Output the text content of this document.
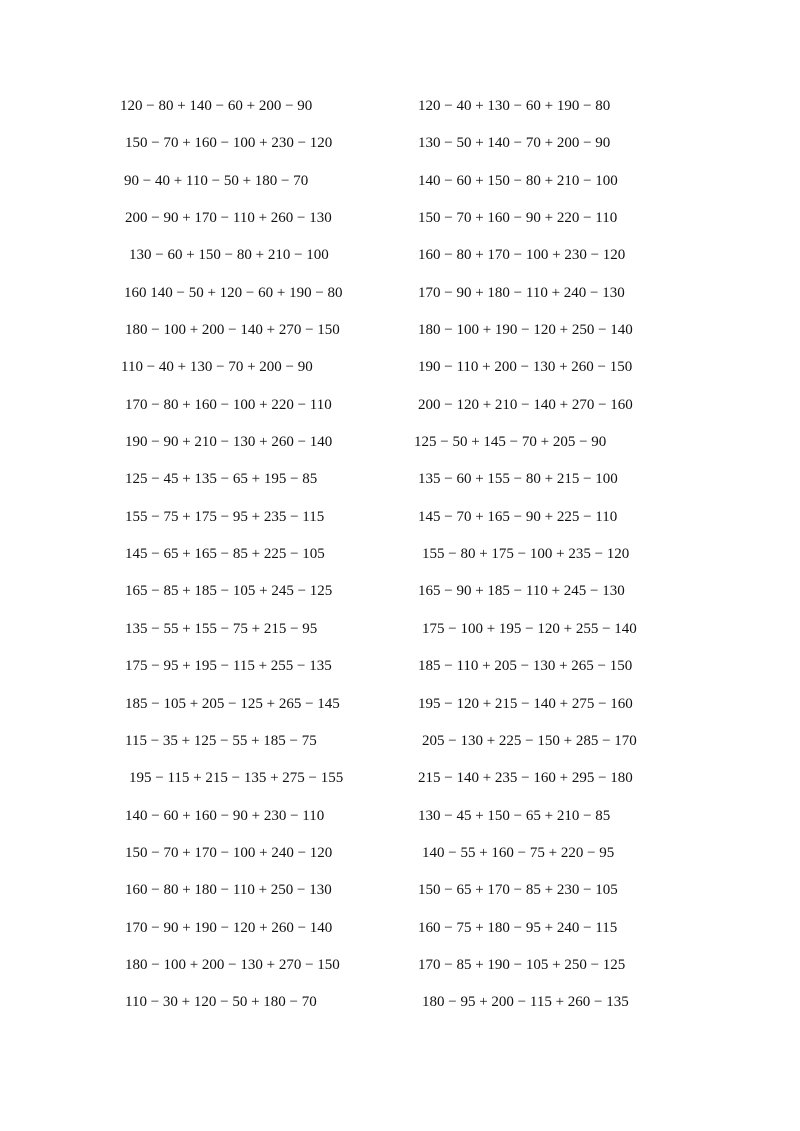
120 − 80 + 140 − 60 + 200 − 90
150 − 70 + 160 − 100 + 230 − 120
90 − 40 + 110 − 50 + 180 − 70
200 − 90 + 170 − 110 + 260 − 130
130 − 60 + 150 − 80 + 210 − 100
160 140 − 50 + 120 − 60 + 190 − 80
180 − 100 + 200 − 140 + 270 − 150
110 − 40 + 130 − 70 + 200 − 90
170 − 80 + 160 − 100 + 220 − 110
190 − 90 + 210 − 130 + 260 − 140
125 − 45 + 135 − 65 + 195 − 85
155 − 75 + 175 − 95 + 235 − 115
145 − 65 + 165 − 85 + 225 − 105
165 − 85 + 185 − 105 + 245 − 125
135 − 55 + 155 − 75 + 215 − 95
175 − 95 + 195 − 115 + 255 − 135
185 − 105 + 205 − 125 + 265 − 145
115 − 35 + 125 − 55 + 185 − 75
195 − 115 + 215 − 135 + 275 − 155
140 − 60 + 160 − 90 + 230 − 110
150 − 70 + 170 − 100 + 240 − 120
160 − 80 + 180 − 110 + 250 − 130
170 − 90 + 190 − 120 + 260 − 140
180 − 100 + 200 − 130 + 270 − 150
110 − 30 + 120 − 50 + 180 − 70
120 − 40 + 130 − 60 + 190 − 80
130 − 50 + 140 − 70 + 200 − 90
140 − 60 + 150 − 80 + 210 − 100
150 − 70 + 160 − 90 + 220 − 110
160 − 80 + 170 − 100 + 230 − 120
170 − 90 + 180 − 110 + 240 − 130
180 − 100 + 190 − 120 + 250 − 140
190 − 110 + 200 − 130 + 260 − 150
200 − 120 + 210 − 140 + 270 − 160
125 − 50 + 145 − 70 + 205 − 90
135 − 60 + 155 − 80 + 215 − 100
145 − 70 + 165 − 90 + 225 − 110
155 − 80 + 175 − 100 + 235 − 120
165 − 90 + 185 − 110 + 245 − 130
175 − 100 + 195 − 120 + 255 − 140
185 − 110 + 205 − 130 + 265 − 150
195 − 120 + 215 − 140 + 275 − 160
205 − 130 + 225 − 150 + 285 − 170
215 − 140 + 235 − 160 + 295 − 180
130 − 45 + 150 − 65 + 210 − 85
140 − 55 + 160 − 75 + 220 − 95
150 − 65 + 170 − 85 + 230 − 105
160 − 75 + 180 − 95 + 240 − 115
170 − 85 + 190 − 105 + 250 − 125
180 − 95 + 200 − 115 + 260 − 135
